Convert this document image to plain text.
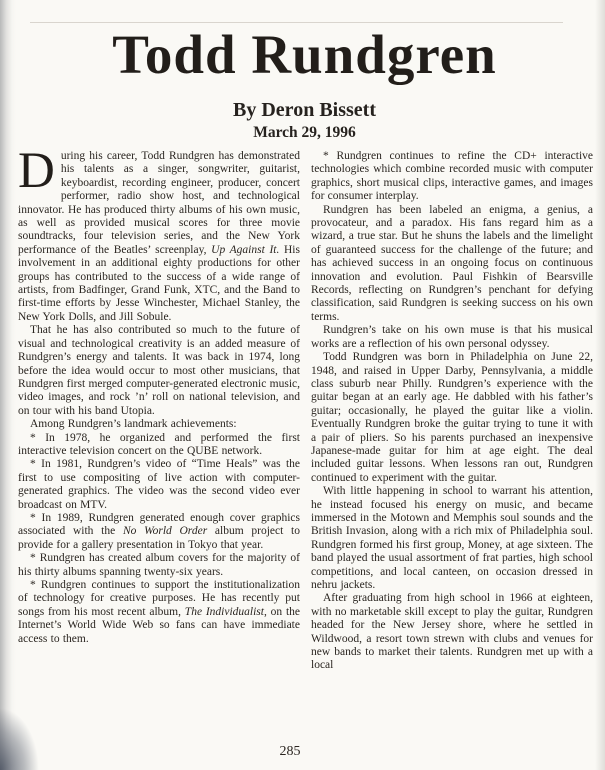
Todd Rundgren
By Deron Bissett
March 29, 1996

During his career, Todd Rundgren has demonstrated his talents as a singer, songwriter, guitarist, keyboardist, recording engineer, producer, concert performer, radio show host, and technological innovator. He has produced thirty albums of his own music, as well as provided musical scores for three movie soundtracks, four television series, and the New York performance of the Beatles’ screenplay, Up Against It. His involvement in an additional eighty productions for other groups has contributed to the success of a wide range of artists, from Badfinger, Grand Funk, XTC, and the Band to first-time efforts by Jesse Winchester, Michael Stanley, the New York Dolls, and Jill Sobule.

That he has also contributed so much to the future of visual and technological creativity is an added measure of Rundgren’s energy and talents. It was back in 1974, long before the idea would occur to most other musicians, that Rundgren first merged computer-generated electronic music, video images, and rock ’n’ roll on national television, and on tour with his band Utopia.

Among Rundgren’s landmark achievements:

* In 1978, he organized and performed the first interactive television concert on the QUBE network.

* In 1981, Rundgren’s video of “Time Heals” was the first to use compositing of live action with computer-generated graphics. The video was the second video ever broadcast on MTV.

* In 1989, Rundgren generated enough cover graphics associated with the No World Order album project to provide for a gallery presentation in Tokyo that year.

* Rundgren has created album covers for the majority of his thirty albums spanning twenty-six years.

* Rundgren continues to support the institutionalization of technology for creative purposes. He has recently put songs from his most recent album, The Individualist, on the Internet’s World Wide Web so fans can have immediate access to them.

* Rundgren continues to refine the CD+ interactive technologies which combine recorded music with computer graphics, short musical clips, interactive games, and images for consumer interplay.

Rundgren has been labeled an enigma, a genius, a provocateur, and a paradox. His fans regard him as a wizard, a true star. But he shuns the labels and the limelight of guaranteed success for the challenge of the future; and has achieved success in an ongoing focus on continuous innovation and evolution. Paul Fishkin of Bearsville Records, reflecting on Rundgren’s penchant for defying classification, said Rundgren is seeking success on his own terms.

Rundgren’s take on his own muse is that his musical works are a reflection of his own personal odyssey.

Todd Rundgren was born in Philadelphia on June 22, 1948, and raised in Upper Darby, Pennsylvania, a middle class suburb near Philly. Rundgren’s experience with the guitar began at an early age. He dabbled with his father’s guitar; occasionally, he played the guitar like a violin. Eventually Rundgren broke the guitar trying to tune it with a pair of pliers. So his parents purchased an inexpensive Japanese-made guitar for him at age eight. The deal included guitar lessons. When lessons ran out, Rundgren continued to experiment with the guitar.

With little happening in school to warrant his attention, he instead focused his energy on music, and became immersed in the Motown and Memphis soul sounds and the British Invasion, along with a rich mix of Philadelphia soul. Rundgren formed his first group, Money, at age sixteen. The band played the usual assortment of frat parties, high school competitions, and local canteen, on occasion dressed in nehru jackets.

After graduating from high school in 1966 at eighteen, with no marketable skill except to play the guitar, Rundgren headed for the New Jersey shore, where he settled in Wildwood, a resort town strewn with clubs and venues for new bands to market their talents. Rundgren met up with a local

285
